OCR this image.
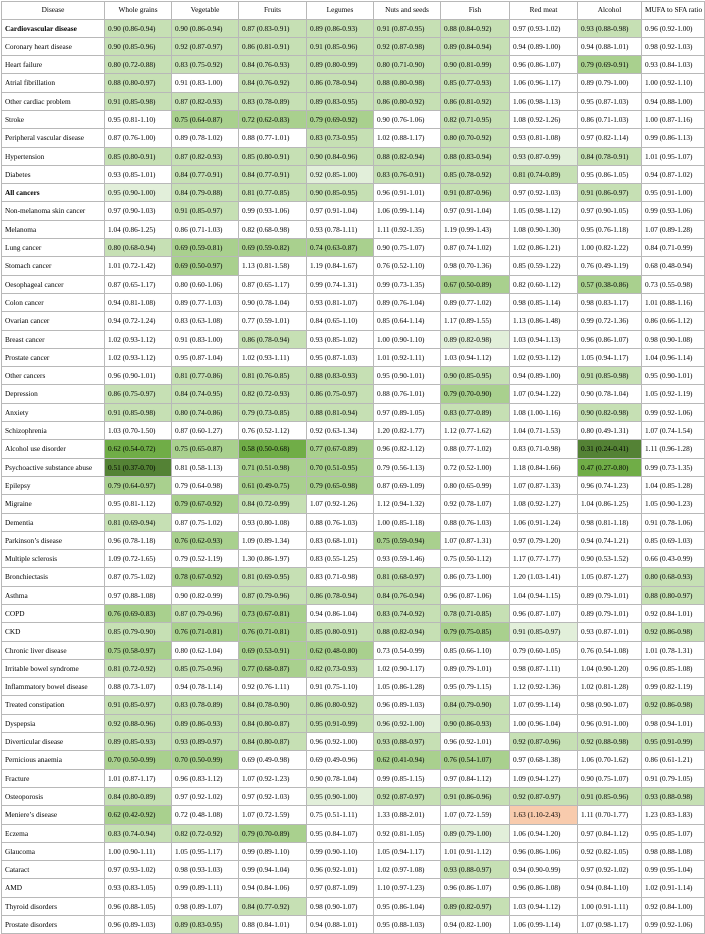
Disease	Whole grains	Vegetable	Fruits	Legumes	Nuts and seeds	Fish	Red meat	Alcohol	MUFA to SFA ratio
Cardiovascular disease	0.90 (0.86-0.94)	0.90 (0.86-0.94)	0.87 (0.83-0.91)	0.89 (0.86-0.93)	0.91 (0.87-0.95)	0.88 (0.84-0.92)	0.97 (0.93-1.02)	0.93 (0.88-0.98)	0.96 (0.92-1.00)
Coronary heart disease	0.90 (0.85-0.96)	0.92 (0.87-0.97)	0.86 (0.81-0.91)	0.91 (0.85-0.96)	0.92 (0.87-0.98)	0.89 (0.84-0.94)	0.94 (0.89-1.00)	0.94 (0.88-1.01)	0.98 (0.92-1.03)
Heart failure	0.80 (0.72-0.88)	0.83 (0.75-0.92)	0.84 (0.76-0.93)	0.89 (0.80-0.99)	0.80 (0.71-0.90)	0.90 (0.81-0.99)	0.96 (0.86-1.07)	0.79 (0.69-0.91)	0.93 (0.84-1.03)
Atrial fibrillation	0.88 (0.80-0.97)	0.91 (0.83-1.00)	0.84 (0.76-0.92)	0.86 (0.78-0.94)	0.88 (0.80-0.98)	0.85 (0.77-0.93)	1.06 (0.96-1.17)	0.89 (0.79-1.00)	1.00 (0.92-1.10)
Other cardiac problem	0.91 (0.85-0.98)	0.87 (0.82-0.93)	0.83 (0.78-0.89)	0.89 (0.83-0.95)	0.86 (0.80-0.92)	0.86 (0.81-0.92)	1.06 (0.98-1.13)	0.95 (0.87-1.03)	0.94 (0.88-1.00)
Stroke	0.95 (0.81-1.10)	0.75 (0.64-0.87)	0.72 (0.62-0.83)	0.79 (0.69-0.92)	0.90 (0.76-1.06)	0.82 (0.71-0.95)	1.08 (0.92-1.26)	0.86 (0.71-1.03)	1.00 (0.87-1.16)
Peripheral vascular disease	0.87 (0.76-1.00)	0.89 (0.78-1.02)	0.88 (0.77-1.01)	0.83 (0.73-0.95)	1.02 (0.88-1.17)	0.80 (0.70-0.92)	0.93 (0.81-1.08)	0.97 (0.82-1.14)	0.99 (0.86-1.13)
Hypertension	0.85 (0.80-0.91)	0.87 (0.82-0.93)	0.85 (0.80-0.91)	0.90 (0.84-0.96)	0.88 (0.82-0.94)	0.88 (0.83-0.94)	0.93 (0.87-0.99)	0.84 (0.78-0.91)	1.01 (0.95-1.07)
Diabetes	0.93 (0.85-1.01)	0.84 (0.77-0.91)	0.84 (0.77-0.91)	0.92 (0.85-1.00)	0.83 (0.76-0.91)	0.85 (0.78-0.92)	0.81 (0.74-0.89)	0.95 (0.86-1.05)	0.94 (0.87-1.02)
All cancers	0.95 (0.90-1.00)	0.84 (0.79-0.88)	0.81 (0.77-0.85)	0.90 (0.85-0.95)	0.96 (0.91-1.01)	0.91 (0.87-0.96)	0.97 (0.92-1.03)	0.91 (0.86-0.97)	0.95 (0.91-1.00)
Non-melanoma skin cancer	0.97 (0.90-1.03)	0.91 (0.85-0.97)	0.99 (0.93-1.06)	0.97 (0.91-1.04)	1.06 (0.99-1.14)	0.97 (0.91-1.04)	1.05 (0.98-1.12)	0.97 (0.90-1.05)	0.99 (0.93-1.06)
Melanoma	1.04 (0.86-1.25)	0.86 (0.71-1.03)	0.82 (0.68-0.98)	0.93 (0.78-1.11)	1.11 (0.92-1.35)	1.19 (0.99-1.43)	1.08 (0.90-1.30)	0.95 (0.76-1.18)	1.07 (0.89-1.28)
Lung cancer	0.80 (0.68-0.94)	0.69 (0.59-0.81)	0.69 (0.59-0.82)	0.74 (0.63-0.87)	0.90 (0.75-1.07)	0.87 (0.74-1.02)	1.02 (0.86-1.21)	1.00 (0.82-1.22)	0.84 (0.71-0.99)
Stomach cancer	1.01 (0.72-1.42)	0.69 (0.50-0.97)	1.13 (0.81-1.58)	1.19 (0.84-1.67)	0.76 (0.52-1.10)	0.98 (0.70-1.36)	0.85 (0.59-1.22)	0.76 (0.49-1.19)	0.68 (0.48-0.94)
Oesophageal cancer	0.87 (0.65-1.17)	0.80 (0.60-1.06)	0.87 (0.65-1.17)	0.99 (0.74-1.31)	0.99 (0.73-1.35)	0.67 (0.50-0.89)	0.82 (0.60-1.12)	0.57 (0.38-0.86)	0.73 (0.55-0.98)
Colon cancer	0.94 (0.81-1.08)	0.89 (0.77-1.03)	0.90 (0.78-1.04)	0.93 (0.81-1.07)	0.89 (0.76-1.04)	0.89 (0.77-1.02)	0.98 (0.85-1.14)	0.98 (0.83-1.17)	1.01 (0.88-1.16)
Ovarian cancer	0.94 (0.72-1.24)	0.83 (0.63-1.08)	0.77 (0.59-1.01)	0.84 (0.65-1.10)	0.85 (0.64-1.14)	1.17 (0.89-1.55)	1.13 (0.86-1.48)	0.99 (0.72-1.36)	0.86 (0.66-1.12)
Breast cancer	1.02 (0.93-1.12)	0.91 (0.83-1.00)	0.86 (0.78-0.94)	0.93 (0.85-1.02)	1.00 (0.90-1.10)	0.89 (0.82-0.98)	1.03 (0.94-1.13)	0.96 (0.86-1.07)	0.98 (0.90-1.08)
Prostate cancer	1.02 (0.93-1.12)	0.95 (0.87-1.04)	1.02 (0.93-1.11)	0.95 (0.87-1.03)	1.01 (0.92-1.11)	1.03 (0.94-1.12)	1.02 (0.93-1.12)	1.05 (0.94-1.17)	1.04 (0.96-1.14)
Other cancers	0.96 (0.90-1.01)	0.81 (0.77-0.86)	0.81 (0.76-0.85)	0.88 (0.83-0.93)	0.95 (0.90-1.01)	0.90 (0.85-0.95)	0.94 (0.89-1.00)	0.91 (0.85-0.98)	0.95 (0.90-1.01)
Depression	0.86 (0.75-0.97)	0.84 (0.74-0.95)	0.82 (0.72-0.93)	0.86 (0.75-0.97)	0.88 (0.76-1.01)	0.79 (0.70-0.90)	1.07 (0.94-1.22)	0.90 (0.78-1.04)	1.05 (0.92-1.19)
Anxiety	0.91 (0.85-0.98)	0.80 (0.74-0.86)	0.79 (0.73-0.85)	0.88 (0.81-0.94)	0.97 (0.89-1.05)	0.83 (0.77-0.89)	1.08 (1.00-1.16)	0.90 (0.82-0.98)	0.99 (0.92-1.06)
Schizophrenia	1.03 (0.70-1.50)	0.87 (0.60-1.27)	0.76 (0.52-1.12)	0.92 (0.63-1.34)	1.20 (0.82-1.77)	1.12 (0.77-1.62)	1.04 (0.71-1.53)	0.80 (0.49-1.31)	1.07 (0.74-1.54)
Alcohol use disorder	0.62 (0.54-0.72)	0.75 (0.65-0.87)	0.58 (0.50-0.68)	0.77 (0.67-0.89)	0.96 (0.82-1.12)	0.88 (0.77-1.02)	0.83 (0.71-0.98)	0.31 (0.24-0.41)	1.11 (0.96-1.28)
Psychoactive substance abuse	0.51 (0.37-0.70)	0.81 (0.58-1.13)	0.71 (0.51-0.98)	0.70 (0.51-0.95)	0.79 (0.56-1.13)	0.72 (0.52-1.00)	1.18 (0.84-1.66)	0.47 (0.27-0.80)	0.99 (0.73-1.35)
Epilepsy	0.79 (0.64-0.97)	0.79 (0.64-0.98)	0.61 (0.49-0.75)	0.79 (0.65-0.98)	0.87 (0.69-1.09)	0.80 (0.65-0.99)	1.07 (0.87-1.33)	0.96 (0.74-1.23)	1.04 (0.85-1.28)
Migraine	0.95 (0.81-1.12)	0.79 (0.67-0.92)	0.84 (0.72-0.99)	1.07 (0.92-1.26)	1.12 (0.94-1.32)	0.92 (0.78-1.07)	1.08 (0.92-1.27)	1.04 (0.86-1.25)	1.05 (0.90-1.23)
Dementia	0.81 (0.69-0.94)	0.87 (0.75-1.02)	0.93 (0.80-1.08)	0.88 (0.76-1.03)	1.00 (0.85-1.18)	0.88 (0.76-1.03)	1.06 (0.91-1.24)	0.98 (0.81-1.18)	0.91 (0.78-1.06)
Parkinson’s disease	0.96 (0.78-1.18)	0.76 (0.62-0.93)	1.09 (0.89-1.34)	0.83 (0.68-1.01)	0.75 (0.59-0.94)	1.07 (0.87-1.31)	0.97 (0.79-1.20)	0.94 (0.74-1.21)	0.85 (0.69-1.03)
Multiple sclerosis	1.09 (0.72-1.65)	0.79 (0.52-1.19)	1.30 (0.86-1.97)	0.83 (0.55-1.25)	0.93 (0.59-1.46)	0.75 (0.50-1.12)	1.17 (0.77-1.77)	0.90 (0.53-1.52)	0.66 (0.43-0.99)
Bronchiectasis	0.87 (0.75-1.02)	0.78 (0.67-0.92)	0.81 (0.69-0.95)	0.83 (0.71-0.98)	0.81 (0.68-0.97)	0.86 (0.73-1.00)	1.20 (1.03-1.41)	1.05 (0.87-1.27)	0.80 (0.68-0.93)
Asthma	0.97 (0.88-1.08)	0.90 (0.82-0.99)	0.87 (0.79-0.96)	0.86 (0.78-0.94)	0.84 (0.76-0.94)	0.96 (0.87-1.06)	1.04 (0.94-1.15)	0.89 (0.79-1.01)	0.88 (0.80-0.97)
COPD	0.76 (0.69-0.83)	0.87 (0.79-0.96)	0.73 (0.67-0.81)	0.94 (0.86-1.04)	0.83 (0.74-0.92)	0.78 (0.71-0.85)	0.96 (0.87-1.07)	0.89 (0.79-1.01)	0.92 (0.84-1.01)
CKD	0.85 (0.79-0.90)	0.76 (0.71-0.81)	0.76 (0.71-0.81)	0.85 (0.80-0.91)	0.88 (0.82-0.94)	0.79 (0.75-0.85)	0.91 (0.85-0.97)	0.93 (0.87-1.01)	0.92 (0.86-0.98)
Chronic liver disease	0.75 (0.58-0.97)	0.80 (0.62-1.04)	0.69 (0.53-0.91)	0.62 (0.48-0.80)	0.73 (0.54-0.99)	0.85 (0.66-1.10)	0.79 (0.60-1.05)	0.76 (0.54-1.08)	1.01 (0.78-1.31)
Irritable bowel syndrome	0.81 (0.72-0.92)	0.85 (0.75-0.96)	0.77 (0.68-0.87)	0.82 (0.73-0.93)	1.02 (0.90-1.17)	0.89 (0.79-1.01)	0.98 (0.87-1.11)	1.04 (0.90-1.20)	0.96 (0.85-1.08)
Inflammatory bowel disease	0.88 (0.73-1.07)	0.94 (0.78-1.14)	0.92 (0.76-1.11)	0.91 (0.75-1.10)	1.05 (0.86-1.28)	0.95 (0.79-1.15)	1.12 (0.92-1.36)	1.02 (0.81-1.28)	0.99 (0.82-1.19)
Treated constipation	0.91 (0.85-0.97)	0.83 (0.78-0.89)	0.84 (0.78-0.90)	0.86 (0.80-0.92)	0.96 (0.89-1.03)	0.84 (0.79-0.90)	1.07 (0.99-1.14)	0.98 (0.90-1.07)	0.92 (0.86-0.98)
Dyspepsia	0.92 (0.88-0.96)	0.89 (0.86-0.93)	0.84 (0.80-0.87)	0.95 (0.91-0.99)	0.96 (0.92-1.00)	0.90 (0.86-0.93)	1.00 (0.96-1.04)	0.96 (0.91-1.00)	0.98 (0.94-1.01)
Diverticular disease	0.89 (0.85-0.93)	0.93 (0.89-0.97)	0.84 (0.80-0.87)	0.96 (0.92-1.00)	0.93 (0.88-0.97)	0.96 (0.92-1.01)	0.92 (0.87-0.96)	0.92 (0.88-0.98)	0.95 (0.91-0.99)
Pernicious anaemia	0.70 (0.50-0.99)	0.70 (0.50-0.99)	0.69 (0.49-0.98)	0.69 (0.49-0.96)	0.62 (0.41-0.94)	0.76 (0.54-1.07)	0.97 (0.68-1.38)	1.06 (0.70-1.62)	0.86 (0.61-1.21)
Fracture	1.01 (0.87-1.17)	0.96 (0.83-1.12)	1.07 (0.92-1.23)	0.90 (0.78-1.04)	0.99 (0.85-1.15)	0.97 (0.84-1.12)	1.09 (0.94-1.27)	0.90 (0.75-1.07)	0.91 (0.79-1.05)
Osteoporosis	0.84 (0.80-0.89)	0.97 (0.92-1.02)	0.97 (0.92-1.03)	0.95 (0.90-1.00)	0.92 (0.87-0.97)	0.91 (0.86-0.96)	0.92 (0.87-0.97)	0.91 (0.85-0.96)	0.93 (0.88-0.98)
Meniere’s disease	0.62 (0.42-0.92)	0.72 (0.48-1.08)	1.07 (0.72-1.59)	0.75 (0.51-1.11)	1.33 (0.88-2.01)	1.07 (0.72-1.59)	1.63 (1.10-2.43)	1.11 (0.70-1.77)	1.23 (0.83-1.83)
Eczema	0.83 (0.74-0.94)	0.82 (0.72-0.92)	0.79 (0.70-0.89)	0.95 (0.84-1.07)	0.92 (0.81-1.05)	0.89 (0.79-1.00)	1.06 (0.94-1.20)	0.97 (0.84-1.12)	0.95 (0.85-1.07)
Glaucoma	1.00 (0.90-1.11)	1.05 (0.95-1.17)	0.99 (0.89-1.10)	0.99 (0.90-1.10)	1.05 (0.94-1.17)	1.01 (0.91-1.12)	0.96 (0.86-1.06)	0.92 (0.82-1.05)	0.98 (0.88-1.08)
Cataract	0.97 (0.93-1.02)	0.98 (0.93-1.03)	0.99 (0.94-1.04)	0.96 (0.92-1.01)	1.02 (0.97-1.08)	0.93 (0.88-0.97)	0.94 (0.90-0.99)	0.97 (0.92-1.02)	0.99 (0.95-1.04)
AMD	0.93 (0.83-1.05)	0.99 (0.89-1.11)	0.94 (0.84-1.06)	0.97 (0.87-1.09)	1.10 (0.97-1.23)	0.96 (0.86-1.07)	0.96 (0.86-1.08)	0.94 (0.84-1.10)	1.02 (0.91-1.14)
Thyroid disorders	0.96 (0.88-1.05)	0.98 (0.89-1.07)	0.84 (0.77-0.92)	0.98 (0.90-1.07)	0.95 (0.86-1.04)	0.89 (0.82-0.97)	1.03 (0.94-1.12)	1.00 (0.91-1.11)	0.92 (0.84-1.00)
Prostate disorders	0.96 (0.89-1.03)	0.89 (0.83-0.95)	0.88 (0.84-1.01)	0.94 (0.88-1.01)	0.95 (0.88-1.03)	0.94 (0.82-1.00)	1.06 (0.99-1.14)	1.07 (0.98-1.17)	0.99 (0.92-1.06)
